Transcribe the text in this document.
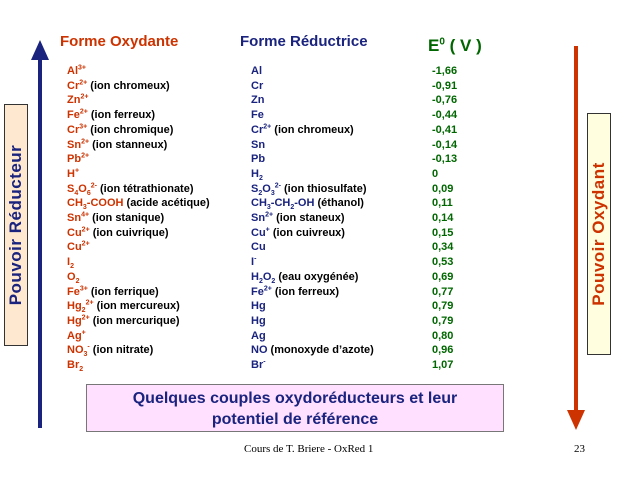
Forme Oxydante	Forme Réductrice	$E^0$ ( V )
$Al^{3+}$	Al	-1,66
$Cr^{2+}$ (ion chromeux)	Cr	-0,91
$Zn^{2+}$	Zn	-0,76
$Fe^{2+}$ (ion ferreux)	Fe	-0,44
$Cr^{3+}$ (ion chromique)	$Cr^{2+}$ (ion chromeux)	-0,41
$Sn^{2+}$ (ion stanneux)	Sn	-0,14
$Pb^{2+}$	Pb	-0,13
H+	$H_2$	0
$S_4O_6^{2-}$ (ion tétrathionate)	$S_2O_3^{2-}$ (ion thiosulfate)	0,09
$CH_3$-COOH (acide acétique)	$CH_3-CH_2-OH$ (éthanol)	0,11
$Sn^{4+}$ (ion stanique)	$Sn^{2+}$ (ion staneux)	0,14
$Cu^{2+}$ (ion cuivrique)	Cu+ (ion cuivreux)	0,15
$Cu^{2+}$	Cu	0,34
$I_2$	I-	0,53
$O_2$	$H_2O_2$ (eau oxygénée)	0,69
$Fe^{3+}$ (ion ferrique)	$Fe^{2+}$ (ion ferreux)	0,77
$Hg_2^{2+}$ (ion mercureux)	Hg	0,79
$Hg^{2+}$ (ion mercurique)	Hg	0,79
Ag+	Ag	0,80
$NO_3^-$ (ion nitrate)	NO (monoxyde d’azote)	0,96
$Br_2$	Br-	1,07
Pouvoir Réducteur	Pouvoir Oxydant
Quelques couples oxydoréducteurs et leur
potentiel de référence
Cours de T. Briere - OxRed 1	23
